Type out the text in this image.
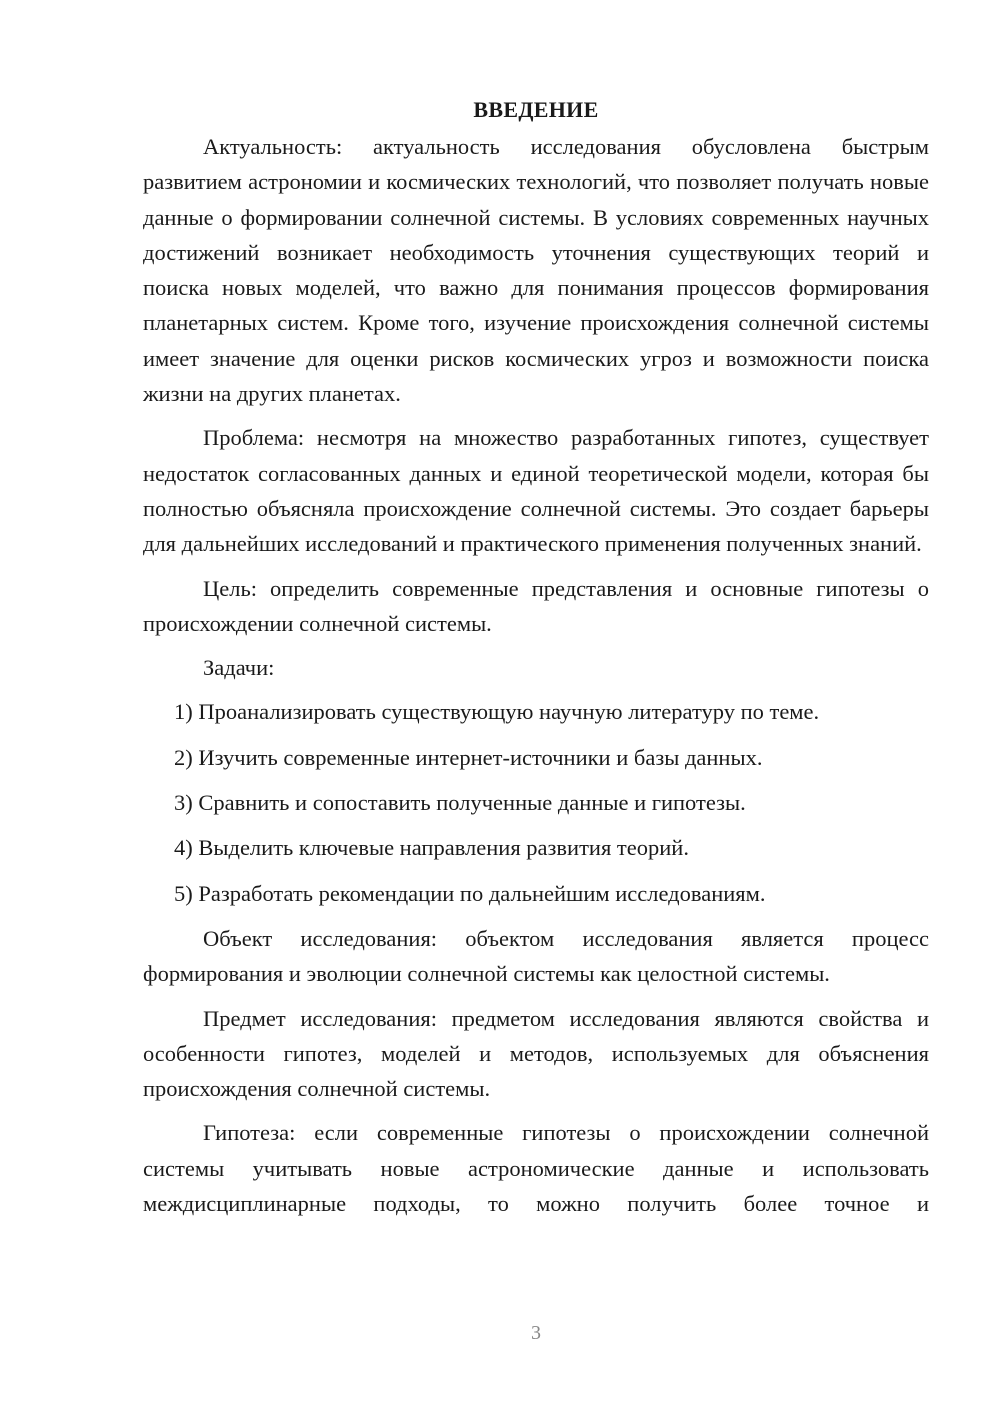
ВВЕДЕНИЕ

Актуальность: актуальность исследования обусловлена быстрым развитием астрономии и космических технологий, что позволяет получать новые данные о формировании солнечной системы. В условиях современных научных достижений возникает необходимость уточнения существующих теорий и поиска новых моделей, что важно для понимания процессов формирования планетарных систем. Кроме того, изучение происхождения солнечной системы имеет значение для оценки рисков космических угроз и возможности поиска жизни на других планетах.

Проблема: несмотря на множество разработанных гипотез, существует недостаток согласованных данных и единой теоретической модели, которая бы полностью объясняла происхождение солнечной системы. Это создает барьеры для дальнейших исследований и практического применения полученных знаний.

Цель: определить современные представления и основные гипотезы о происхождении солнечной системы.

Задачи:

1) Проанализировать существующую научную литературу по теме.
2) Изучить современные интернет-источники и базы данных.
3) Сравнить и сопоставить полученные данные и гипотезы.
4) Выделить ключевые направления развития теорий.
5) Разработать рекомендации по дальнейшим исследованиям.

Объект исследования: объектом исследования является процесс формирования и эволюции солнечной системы как целостной системы.

Предмет исследования: предметом исследования являются свойства и особенности гипотез, моделей и методов, используемых для объяснения происхождения солнечной системы.

Гипотеза: если современные гипотезы о происхождении солнечной системы учитывать новые астрономические данные и использовать междисциплинарные подходы, то можно получить более точное и

3
